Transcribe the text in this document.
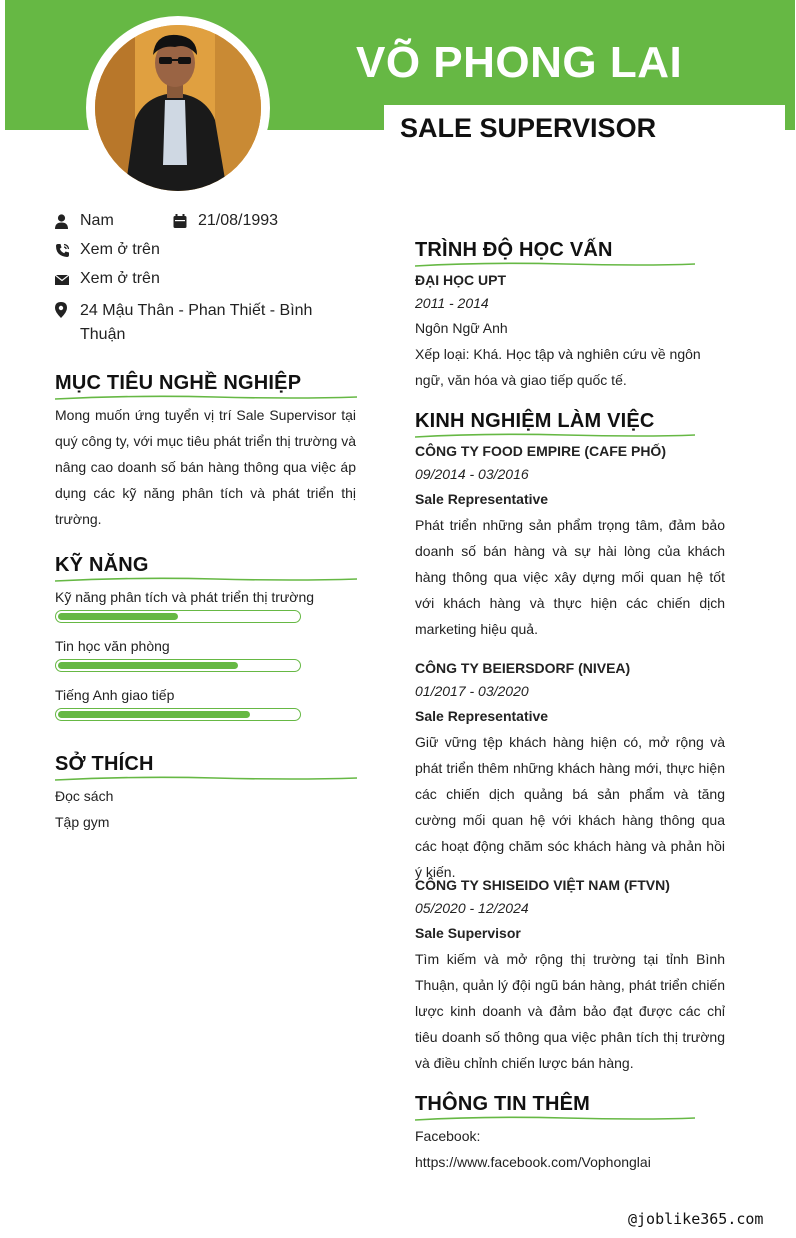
VÕ PHONG LAI
SALE SUPERVISOR
Nam	21/08/1993
Xem ở trên
Xem ở trên
24 Mậu Thân - Phan Thiết - Bình Thuận
MỤC TIÊU NGHỀ NGHIỆP
Mong muốn ứng tuyển vị trí Sale Supervisor tại quý công ty, với mục tiêu phát triển thị trường và nâng cao doanh số bán hàng thông qua việc áp dụng các kỹ năng phân tích và phát triển thị trường.
KỸ NĂNG
Kỹ năng phân tích và phát triển thị trường
Tin học văn phòng
Tiếng Anh giao tiếp
SỞ THÍCH
Đọc sách
Tập gym
TRÌNH ĐỘ HỌC VẤN
ĐẠI HỌC UPT
2011 - 2014
Ngôn Ngữ Anh
Xếp loại: Khá. Học tập và nghiên cứu về ngôn ngữ, văn hóa và giao tiếp quốc tế.
KINH NGHIỆM LÀM VIỆC
CÔNG TY FOOD EMPIRE (CAFE PHỐ)
09/2014 - 03/2016
Sale Representative
Phát triển những sản phẩm trọng tâm, đảm bảo doanh số bán hàng và sự hài lòng của khách hàng thông qua việc xây dựng mối quan hệ tốt với khách hàng và thực hiện các chiến dịch marketing hiệu quả.
CÔNG TY BEIERSDORF (NIVEA)
01/2017 - 03/2020
Sale Representative
Giữ vững tệp khách hàng hiện có, mở rộng và phát triển thêm những khách hàng mới, thực hiện các chiến dịch quảng bá sản phẩm và tăng cường mối quan hệ với khách hàng thông qua các hoạt động chăm sóc khách hàng và phản hồi ý kiến.
CÔNG TY SHISEIDO VIỆT NAM (FTVN)
05/2020 - 12/2024
Sale Supervisor
Tìm kiếm và mở rộng thị trường tại tỉnh Bình Thuận, quản lý đội ngũ bán hàng, phát triển chiến lược kinh doanh và đảm bảo đạt được các chỉ tiêu doanh số thông qua việc phân tích thị trường và điều chỉnh chiến lược bán hàng.
THÔNG TIN THÊM
Facebook:
https://www.facebook.com/Vophonglai
@joblike365.com
